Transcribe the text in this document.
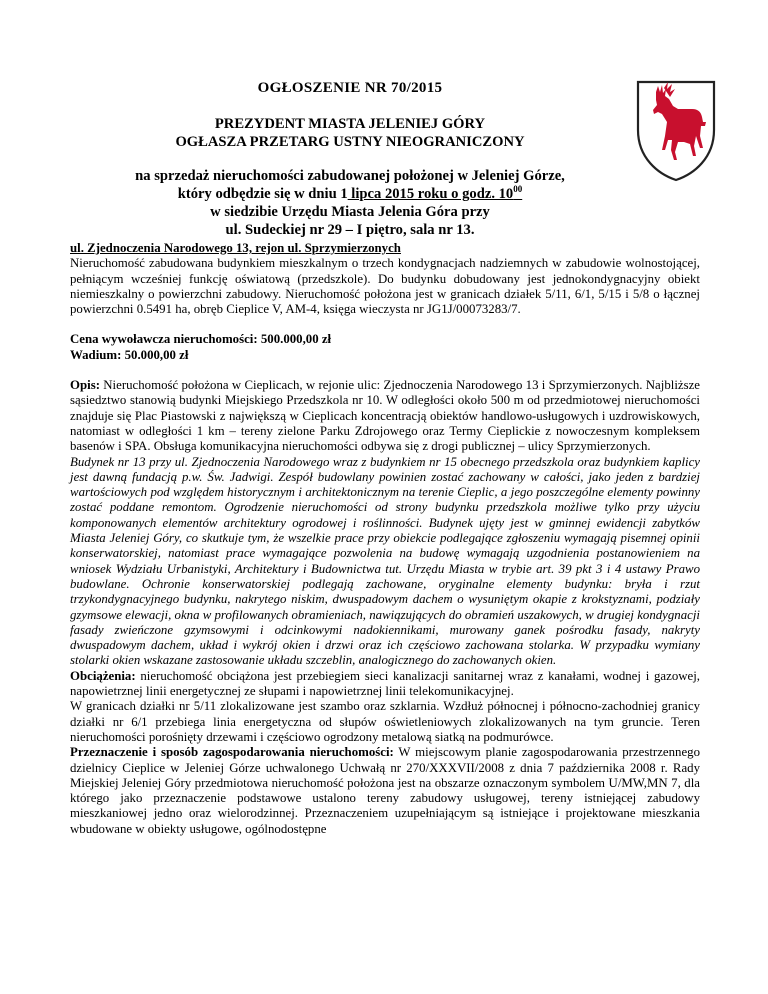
OGŁOSZENIE NR 70/2015
PREZYDENT MIASTA JELENIEJ GÓRY
OGŁASZA PRZETARG USTNY NIEOGRANICZONY
na sprzedaż nieruchomości zabudowanej położonej w Jeleniej Górze,
który odbędzie się w dniu 1 lipca 2015 roku o godz. $10^{00}$
w siedzibie Urzędu Miasta Jelenia Góra przy
ul. Sudeckiej nr 29 – I piętro, sala nr 13.

ul. Zjednoczenia Narodowego 13, rejon ul. Sprzymierzonych

Nieruchomość zabudowana budynkiem mieszkalnym o trzech kondygnacjach nadziemnych w zabudowie wolnostojącej, pełniącym wcześniej funkcję oświatową (przedszkole). Do budynku dobudowany jest jednokondygnacyjny obiekt niemieszkalny o powierzchni zabudowy. Nieruchomość położona jest w granicach działek 5/11, 6/1, 5/15 i 5/8 o łącznej powierzchni 0.5491 ha, obręb Cieplice V, AM-4, księga wieczysta nr JG1J/00073283/7.

Cena wywoławcza nieruchomości: 500.000,00 zł

Wadium: 50.000,00 zł

Opis: Nieruchomość położona w Cieplicach, w rejonie ulic: Zjednoczenia Narodowego 13 i Sprzymierzonych. Najbliższe sąsiedztwo stanowią budynki Miejskiego Przedszkola nr 10. W odległości około 500 m od przedmiotowej nieruchomości znajduje się Plac Piastowski z największą w Cieplicach koncentracją obiektów handlowo-usługowych i uzdrowiskowych, natomiast w odległości 1 km – tereny zielone Parku Zdrojowego oraz Termy Cieplickie z nowoczesnym kompleksem basenów i SPA. Obsługa komunikacyjna nieruchomości odbywa się z drogi publicznej – ulicy Sprzymierzonych.

Budynek nr 13 przy ul. Zjednoczenia Narodowego wraz z budynkiem nr 15 obecnego przedszkola oraz budynkiem kaplicy jest dawną fundacją p.w. Św. Jadwigi. Zespół budowlany powinien zostać zachowany w całości, jako jeden z bardziej wartościowych pod względem historycznym i architektonicznym na terenie Cieplic, a jego poszczególne elementy powinny zostać poddane remontom. Ogrodzenie nieruchomości od strony budynku przedszkola możliwe tylko przy użyciu komponowanych elementów architektury ogrodowej i roślinności. Budynek ujęty jest w gminnej ewidencji zabytków Miasta Jeleniej Góry, co skutkuje tym, że wszelkie prace przy obiekcie podlegające zgłoszeniu wymagają pisemnej opinii konserwatorskiej, natomiast prace wymagające pozwolenia na budowę wymagają uzgodnienia postanowieniem na wniosek Wydziału Urbanistyki, Architektury i Budownictwa tut. Urzędu Miasta w trybie art. 39 pkt 3 i 4 ustawy Prawo budowlane. Ochronie konserwatorskiej podlegają zachowane, oryginalne elementy budynku: bryła i rzut trzykondygnacyjnego budynku, nakrytego niskim, dwuspadowym dachem o wysuniętym okapie z krokstyznami, podziały gzymsowe elewacji, okna w profilowanych obramieniach, nawiązujących do obramień uszakowych, w drugiej kondygnacji fasady zwieńczone gzymsowymi i odcinkowymi nadokiennikami, murowany ganek pośrodku fasady, nakryty dwuspadowym dachem, układ i wykrój okien i drzwi oraz ich częściowo zachowana stolarka. W przypadku wymiany stolarki okien wskazane zastosowanie układu szczeblin, analogicznego do zachowanych okien.

Obciążenia: nieruchomość obciążona jest przebiegiem sieci kanalizacji sanitarnej wraz z kanałami, wodnej i gazowej, napowietrznej linii energetycznej ze słupami i napowietrznej linii telekomunikacyjnej.

W granicach działki nr 5/11 zlokalizowane jest szambo oraz szklarnia. Wzdłuż północnej i północno-zachodniej granicy działki nr 6/1 przebiega linia energetyczna od słupów oświetleniowych zlokalizowanych na tym gruncie. Teren nieruchomości porośnięty drzewami i częściowo ogrodzony metalową siatką na podmurówce.

Przeznaczenie i sposób zagospodarowania nieruchomości: W miejscowym planie zagospodarowania przestrzennego dzielnicy Cieplice w Jeleniej Górze uchwalonego Uchwałą nr 270/XXXVII/2008 z dnia 7 października 2008 r. Rady Miejskiej Jeleniej Góry przedmiotowa nieruchomość położona jest na obszarze oznaczonym symbolem U/MW,MN 7, dla którego jako przeznaczenie podstawowe ustalono tereny zabudowy usługowej, tereny istniejącej zabudowy mieszkaniowej jedno oraz wielorodzinnej. Przeznaczeniem uzupełniającym są istniejące i projektowane mieszkania wbudowane w obiekty usługowe, ogólnodostępne
